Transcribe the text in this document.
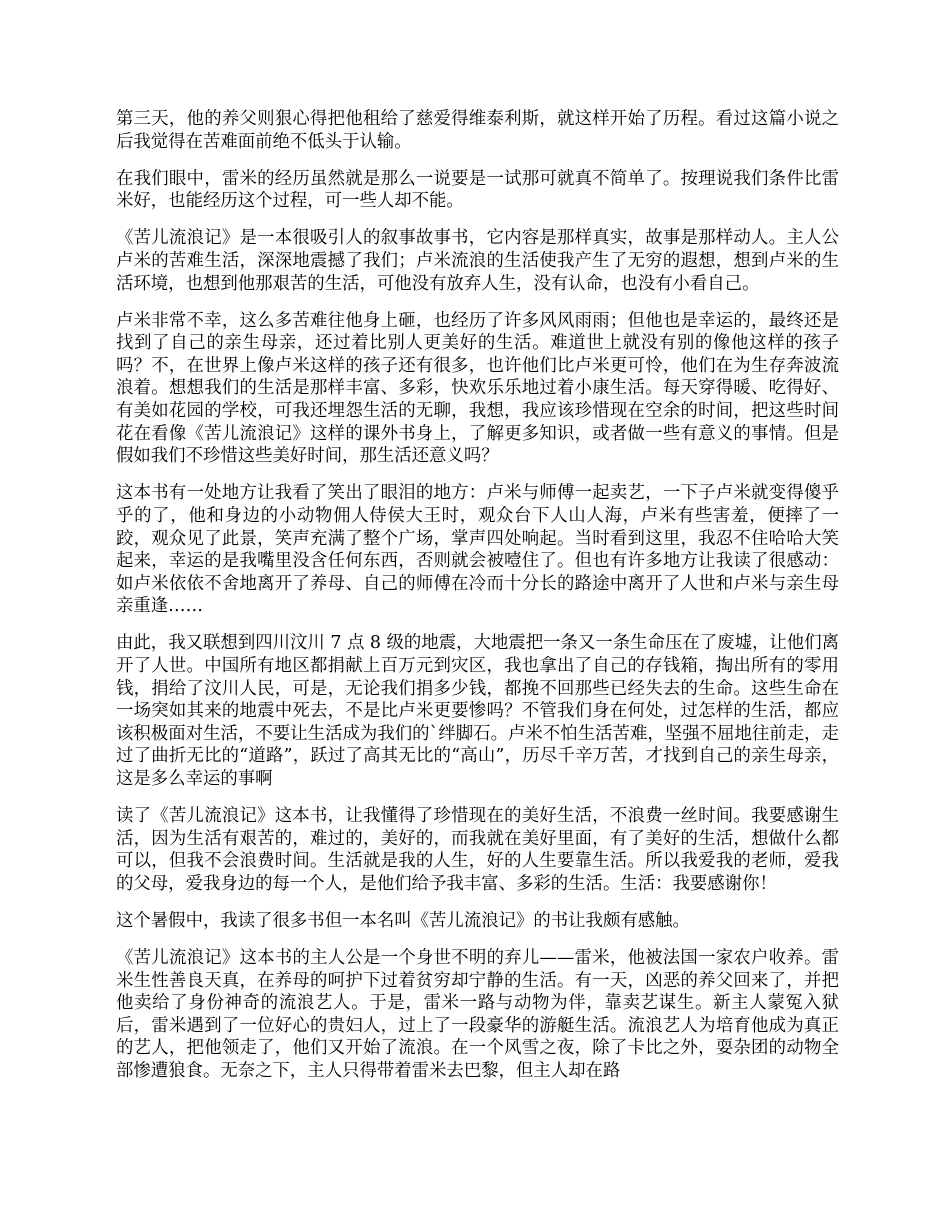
第三天，他的养父则狠心得把他租给了慈爱得维泰利斯，就这样开始了历程。看过这篇小说之后我觉得在苦难面前绝不低头于认输。

在我们眼中，雷米的经历虽然就是那么一说要是一试那可就真不简单了。按理说我们条件比雷米好，也能经历这个过程，可一些人却不能。

《苦儿流浪记》是一本很吸引人的叙事故事书，它内容是那样真实，故事是那样动人。主人公卢米的苦难生活，深深地震撼了我们；卢米流浪的生活使我产生了无穷的遐想，想到卢米的生活环境，也想到他那艰苦的生活，可他没有放弃人生，没有认命，也没有小看自己。

卢米非常不幸，这么多苦难往他身上砸，也经历了许多风风雨雨；但他也是幸运的，最终还是找到了自己的亲生母亲，还过着比别人更美好的生活。难道世上就没有别的像他这样的孩子吗？不，在世界上像卢米这样的孩子还有很多，也许他们比卢米更可怜，他们在为生存奔波流浪着。想想我们的生活是那样丰富、多彩，快欢乐乐地过着小康生活。每天穿得暖、吃得好、有美如花园的学校，可我还埋怨生活的无聊，我想，我应该珍惜现在空余的时间，把这些时间花在看像《苦儿流浪记》这样的课外书身上，了解更多知识，或者做一些有意义的事情。但是假如我们不珍惜这些美好时间，那生活还意义吗？

这本书有一处地方让我看了笑出了眼泪的地方：卢米与师傅一起卖艺，一下子卢米就变得傻乎乎的了，他和身边的小动物佣人侍侯大王时，观众台下人山人海，卢米有些害羞，便摔了一跤，观众见了此景，笑声充满了整个广场，掌声四处响起。当时看到这里，我忍不住哈哈大笑起来，幸运的是我嘴里没含任何东西，否则就会被噎住了。但也有许多地方让我读了很感动：如卢米依依不舍地离开了养母、自己的师傅在冷而十分长的路途中离开了人世和卢米与亲生母亲重逢……

由此，我又联想到四川汶川 7 点 8 级的地震，大地震把一条又一条生命压在了废墟，让他们离开了人世。中国所有地区都捐献上百万元到灾区，我也拿出了自己的存钱箱，掏出所有的零用钱，捐给了汶川人民，可是，无论我们捐多少钱，都挽不回那些已经失去的生命。这些生命在一场突如其来的地震中死去，不是比卢米更要惨吗？不管我们身在何处，过怎样的生活，都应该积极面对生活，不要让生活成为我们的`绊脚石。卢米不怕生活苦难，坚强不屈地往前走，走过了曲折无比的“道路”，跃过了高其无比的“高山”，历尽千辛万苦，才找到自己的亲生母亲，这是多么幸运的事啊

读了《苦儿流浪记》这本书，让我懂得了珍惜现在的美好生活，不浪费一丝时间。我要感谢生活，因为生活有艰苦的，难过的，美好的，而我就在美好里面，有了美好的生活，想做什么都可以，但我不会浪费时间。生活就是我的人生，好的人生要靠生活。所以我爱我的老师，爱我的父母，爱我身边的每一个人，是他们给予我丰富、多彩的生活。生活：我要感谢你！

这个暑假中，我读了很多书但一本名叫《苦儿流浪记》的书让我颇有感触。

《苦儿流浪记》这本书的主人公是一个身世不明的弃儿——雷米，他被法国一家农户收养。雷米生性善良天真，在养母的呵护下过着贫穷却宁静的生活。有一天，凶恶的养父回来了，并把他卖给了身份神奇的流浪艺人。于是，雷米一路与动物为伴，靠卖艺谋生。新主人蒙冤入狱后，雷米遇到了一位好心的贵妇人，过上了一段豪华的游艇生活。流浪艺人为培育他成为真正的艺人，把他领走了，他们又开始了流浪。在一个风雪之夜，除了卡比之外，耍杂团的动物全部惨遭狼食。无奈之下，主人只得带着雷米去巴黎，但主人却在路
